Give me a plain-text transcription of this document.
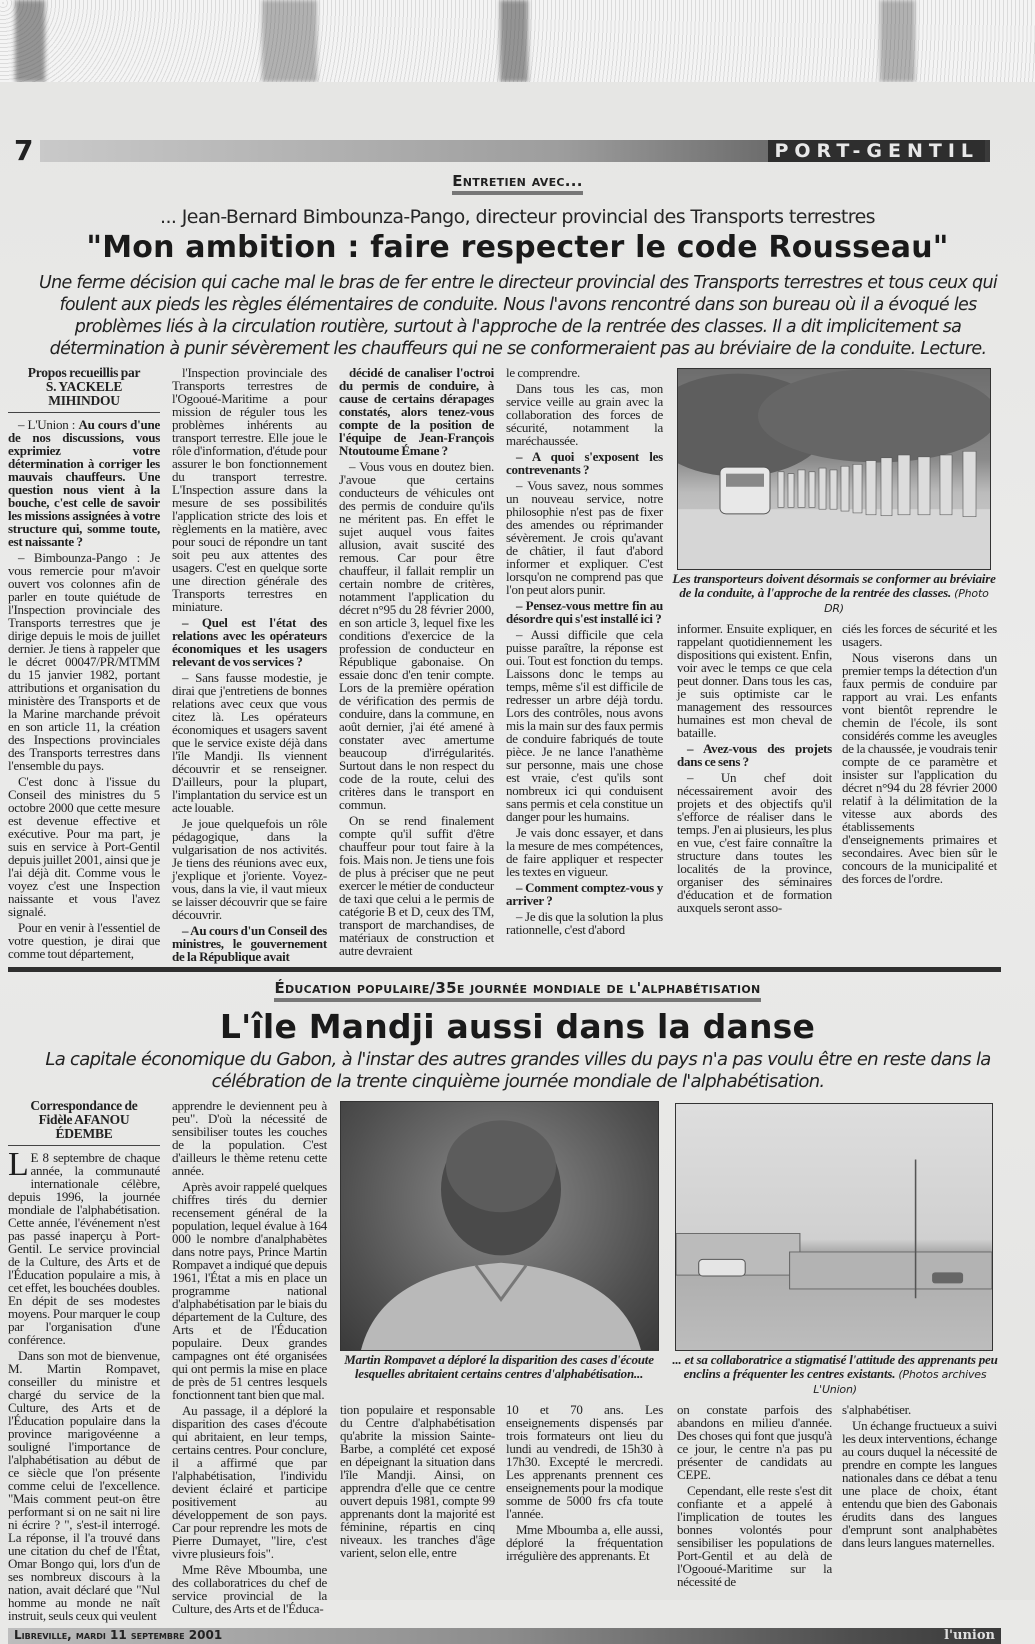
7	PORT-GENTIL
Entretien avec...
... Jean-Bernard Bimbounza-Pango, directeur provincial des Transports terrestres
"Mon ambition : faire respecter le code Rousseau"
Une ferme décision qui cache mal le bras de fer entre le directeur provincial des Transports terrestres et tous ceux qui foulent aux pieds les règles élémentaires de conduite. Nous l'avons rencontré dans son bureau où il a évoqué les problèmes liés à la circulation routière, surtout à l'approche de la rentrée des classes. Il a dit implicitement sa détermination à punir sévèrement les chauffeurs qui ne se conformeraient pas au bréviaire de la conduite. Lecture.
Propos recueillis par
S. YACKELE
MIHINDOU

– L'Union : Au cours d'une de nos discussions, vous exprimiez votre détermination à corriger les mauvais chauffeurs. Une question nous vient à la bouche, c'est celle de savoir les missions assignées à votre structure qui, somme toute, est naissante ?

– Bimbounza-Pango : Je vous remercie pour m'avoir ouvert vos colonnes afin de parler en toute quiétude de l'Inspection provinciale des Transports terrestres que je dirige depuis le mois de juillet dernier. Je tiens à rappeler que le décret 00047/PR/MTMM du 15 janvier 1982, portant attributions et organisation du ministère des Transports et de la Marine marchande prévoit en son article 11, la création des Inspections provinciales des Transports terrestres dans l'ensemble du pays.

C'est donc à l'issue du Conseil des ministres du 5 octobre 2000 que cette mesure est devenue effective et exécutive. Pour ma part, je suis en service à Port-Gentil depuis juillet 2001, ainsi que je l'ai déjà dit. Comme vous le voyez c'est une Inspection naissante et vous l'avez signalé.

Pour en venir à l'essentiel de votre question, je dirai que comme tout département,

l'Inspection provinciale des Transports terrestres de l'Ogooué-Maritime a pour mission de réguler tous les problèmes inhérents au transport terrestre. Elle joue le rôle d'information, d'étude pour assurer le bon fonctionnement du transport terrestre. L'Inspection assure dans la mesure de ses possibilités l'application stricte des lois et règlements en la matière, avec pour souci de répondre un tant soit peu aux attentes des usagers. C'est en quelque sorte une direction générale des Transports terrestres en miniature.

– Quel est l'état des relations avec les opérateurs économiques et les usagers relevant de vos services ?

– Sans fausse modestie, je dirai que j'entretiens de bonnes relations avec ceux que vous citez là. Les opérateurs économiques et usagers savent que le service existe déjà dans l'île Mandji. Ils viennent découvrir et se renseigner. D'ailleurs, pour la plupart, l'implantation du service est un acte louable.

Je joue quelquefois un rôle pédagogique, dans la vulgarisation de nos activités. Je tiens des réunions avec eux, j'explique et j'oriente. Voyez-vous, dans la vie, il vaut mieux se laisser découvrir que se faire découvrir.

– Au cours d'un Conseil des ministres, le gouvernement de la République avait

décidé de canaliser l'octroi du permis de conduire, à cause de certains dérapages constatés, alors tenez-vous compte de la position de l'équipe de Jean-François Ntoutoume Émane ?

– Vous vous en doutez bien. J'avoue que certains conducteurs de véhicules ont des permis de conduire qu'ils ne méritent pas. En effet le sujet auquel vous faites allusion, avait suscité des remous. Car pour être chauffeur, il fallait remplir un certain nombre de critères, notamment l'application du décret n°95 du 28 février 2000, en son article 3, lequel fixe les conditions d'exercice de la profession de conducteur en République gabonaise. On essaie donc d'en tenir compte. Lors de la première opération de vérification des permis de conduire, dans la commune, en août dernier, j'ai été amené à constater avec amertume beaucoup d'irrégularités. Surtout dans le non respect du code de la route, celui des critères dans le transport en commun.

On se rend finalement compte qu'il suffit d'être chauffeur pour tout faire à la fois. Mais non. Je tiens une fois de plus à préciser que ne peut exercer le métier de conducteur de taxi que celui a le permis de catégorie B et D, ceux des TM, transport de marchandises, de matériaux de construction et autre devraient

le comprendre.

Dans tous les cas, mon service veille au grain avec la collaboration des forces de sécurité, notamment la maréchaussée.

– A quoi s'exposent les contrevenants ?

– Vous savez, nous sommes un nouveau service, notre philosophie n'est pas de fixer des amendes ou réprimander sévèrement. Je crois qu'avant de châtier, il faut d'abord informer et expliquer. C'est lorsqu'on ne comprend pas que l'on peut alors punir.

– Pensez-vous mettre fin au désordre qui s'est installé ici ?

– Aussi difficile que cela puisse paraître, la réponse est oui. Tout est fonction du temps. Laissons donc le temps au temps, même s'il est difficile de redresser un arbre déjà tordu. Lors des contrôles, nous avons mis la main sur des faux permis de conduire fabriqués de toute pièce. Je ne lance l'anathème sur personne, mais une chose est vraie, c'est qu'ils sont nombreux ici qui conduisent sans permis et cela constitue un danger pour les humains.

Je vais donc essayer, et dans la mesure de mes compétences, de faire appliquer et respecter les textes en vigueur.

– Comment comptez-vous y arriver ?

– Je dis que la solution la plus rationnelle, c'est d'abord

Les transporteurs doivent désormais se conformer au bréviaire de la conduite, à l'approche de la rentrée des classes. (Photo DR)

informer. Ensuite expliquer, en rappelant quotidiennement les dispositions qui existent. Enfin, voir avec le temps ce que cela peut donner. Dans tous les cas, je suis optimiste car le management des ressources humaines est mon cheval de bataille.

– Avez-vous des projets dans ce sens ?

– Un chef doit nécessairement avoir des projets et des objectifs qu'il s'efforce de réaliser dans le temps. J'en ai plusieurs, les plus en vue, c'est faire connaître la structure dans toutes les localités de la province, organiser des séminaires d'éducation et de formation auxquels seront asso-

ciés les forces de sécurité et les usagers.

Nous viserons dans un premier temps la détection d'un faux permis de conduire par rapport au vrai. Les enfants vont bientôt reprendre le chemin de l'école, ils sont considérés comme les aveugles de la chaussée, je voudrais tenir compte de ce paramètre et insister sur l'application du décret n°94 du 28 février 2000 relatif à la délimitation de la vitesse aux abords des établissements d'enseignements primaires et secondaires. Avec bien sûr le concours de la municipalité et des forces de l'ordre.

Éducation populaire/35e journée mondiale de l'alphabétisation
L'île Mandji aussi dans la danse
La capitale économique du Gabon, à l'instar des autres grandes villes du pays n'a pas voulu être en reste dans la célébration de la trente cinquième journée mondiale de l'alphabétisation.
Correspondance de
Fidèle AFANOU
ÉDEMBE

L E 8 septembre de chaque année, la communauté internationale célèbre, depuis 1996, la journée mondiale de l'alphabétisation. Cette année, l'événement n'est pas passé inaperçu à Port-Gentil. Le service provincial de la Culture, des Arts et de l'Éducation populaire a mis, à cet effet, les bouchées doubles. En dépit de ses modestes moyens. Pour marquer le coup par l'organisation d'une conférence.

Dans son mot de bienvenue, M. Martin Rompavet, conseiller du ministre et chargé du service de la Culture, des Arts et de l'Éducation populaire dans la province marigovéenne a souligné l'importance de l'alphabétisation au début de ce siècle que l'on présente comme celui de l'excellence. "Mais comment peut-on être performant si on ne sait ni lire ni écrire ? ", s'est-il interrogé. La réponse, il l'a trouvé dans une citation du chef de l'État, Omar Bongo qui, lors d'un de ses nombreux discours à la nation, avait déclaré que "Nul homme au monde ne naît instruit, seuls ceux qui veulent

apprendre le deviennent peu à peu". D'où la nécessité de sensibiliser toutes les couches de la population. C'est d'ailleurs le thème retenu cette année.

Après avoir rappelé quelques chiffres tirés du dernier recensement général de la population, lequel évalue à 164 000 le nombre d'analphabètes dans notre pays, Prince Martin Rompavet a indiqué que depuis 1961, l'État a mis en place un programme national d'alphabétisation par le biais du département de la Culture, des Arts et de l'Éducation populaire. Deux grandes campagnes ont été organisées qui ont permis la mise en place de près de 51 centres lesquels fonctionnent tant bien que mal.

Au passage, il a déploré la disparition des cases d'écoute qui abritaient, en leur temps, certains centres. Pour conclure, il a affirmé que par l'alphabétisation, l'individu devient éclairé et participe positivement au développement de son pays. Car pour reprendre les mots de Pierre Dumayet, "lire, c'est vivre plusieurs fois".

Mme Rêve Mboumba, une des collaboratrices du chef de service provincial de la Culture, des Arts et de l'Éduca-

Martin Rompavet a déploré la disparition des cases d'écoute lesquelles abritaient certains centres d'alphabétisation...
... et sa collaboratrice a stigmatisé l'attitude des apprenants peu enclins a fréquenter les centres existants. (Photos archives L'Union)

tion populaire et responsable du Centre d'alphabétisation qu'abrite la mission Sainte-Barbe, a complété cet exposé en dépeignant la situation dans l'île Mandji. Ainsi, on apprendra d'elle que ce centre ouvert depuis 1981, compte 99 apprenants dont la majorité est féminine, répartis en cinq niveaux. les tranches d'âge varient, selon elle, entre

10 et 70 ans. Les enseignements dispensés par trois formateurs ont lieu du lundi au vendredi, de 15h30 à 17h30. Excepté le mercredi. Les apprenants prennent ces enseignements pour la modique somme de 5000 frs cfa toute l'année.

Mme Mboumba a, elle aussi, déploré la fréquentation irrégulière des apprenants. Et

on constate parfois des abandons en milieu d'année. Des choses qui font que jusqu'à ce jour, le centre n'a pas pu présenter de candidats au CEPE.

Cependant, elle reste s'est dit confiante et a appelé à l'implication de toutes les bonnes volontés pour sensibiliser les populations de Port-Gentil et au delà de l'Ogooué-Maritime sur la nécessité de

s'alphabétiser.

Un échange fructueux a suivi les deux interventions, échange au cours duquel la nécessité de prendre en compte les langues nationales dans ce débat a tenu une place de choix, étant entendu que bien des Gabonais érudits dans des langues d'emprunt sont analphabètes dans leurs langues maternelles.

Libreville, mardi 11 septembre 2001	l'union
